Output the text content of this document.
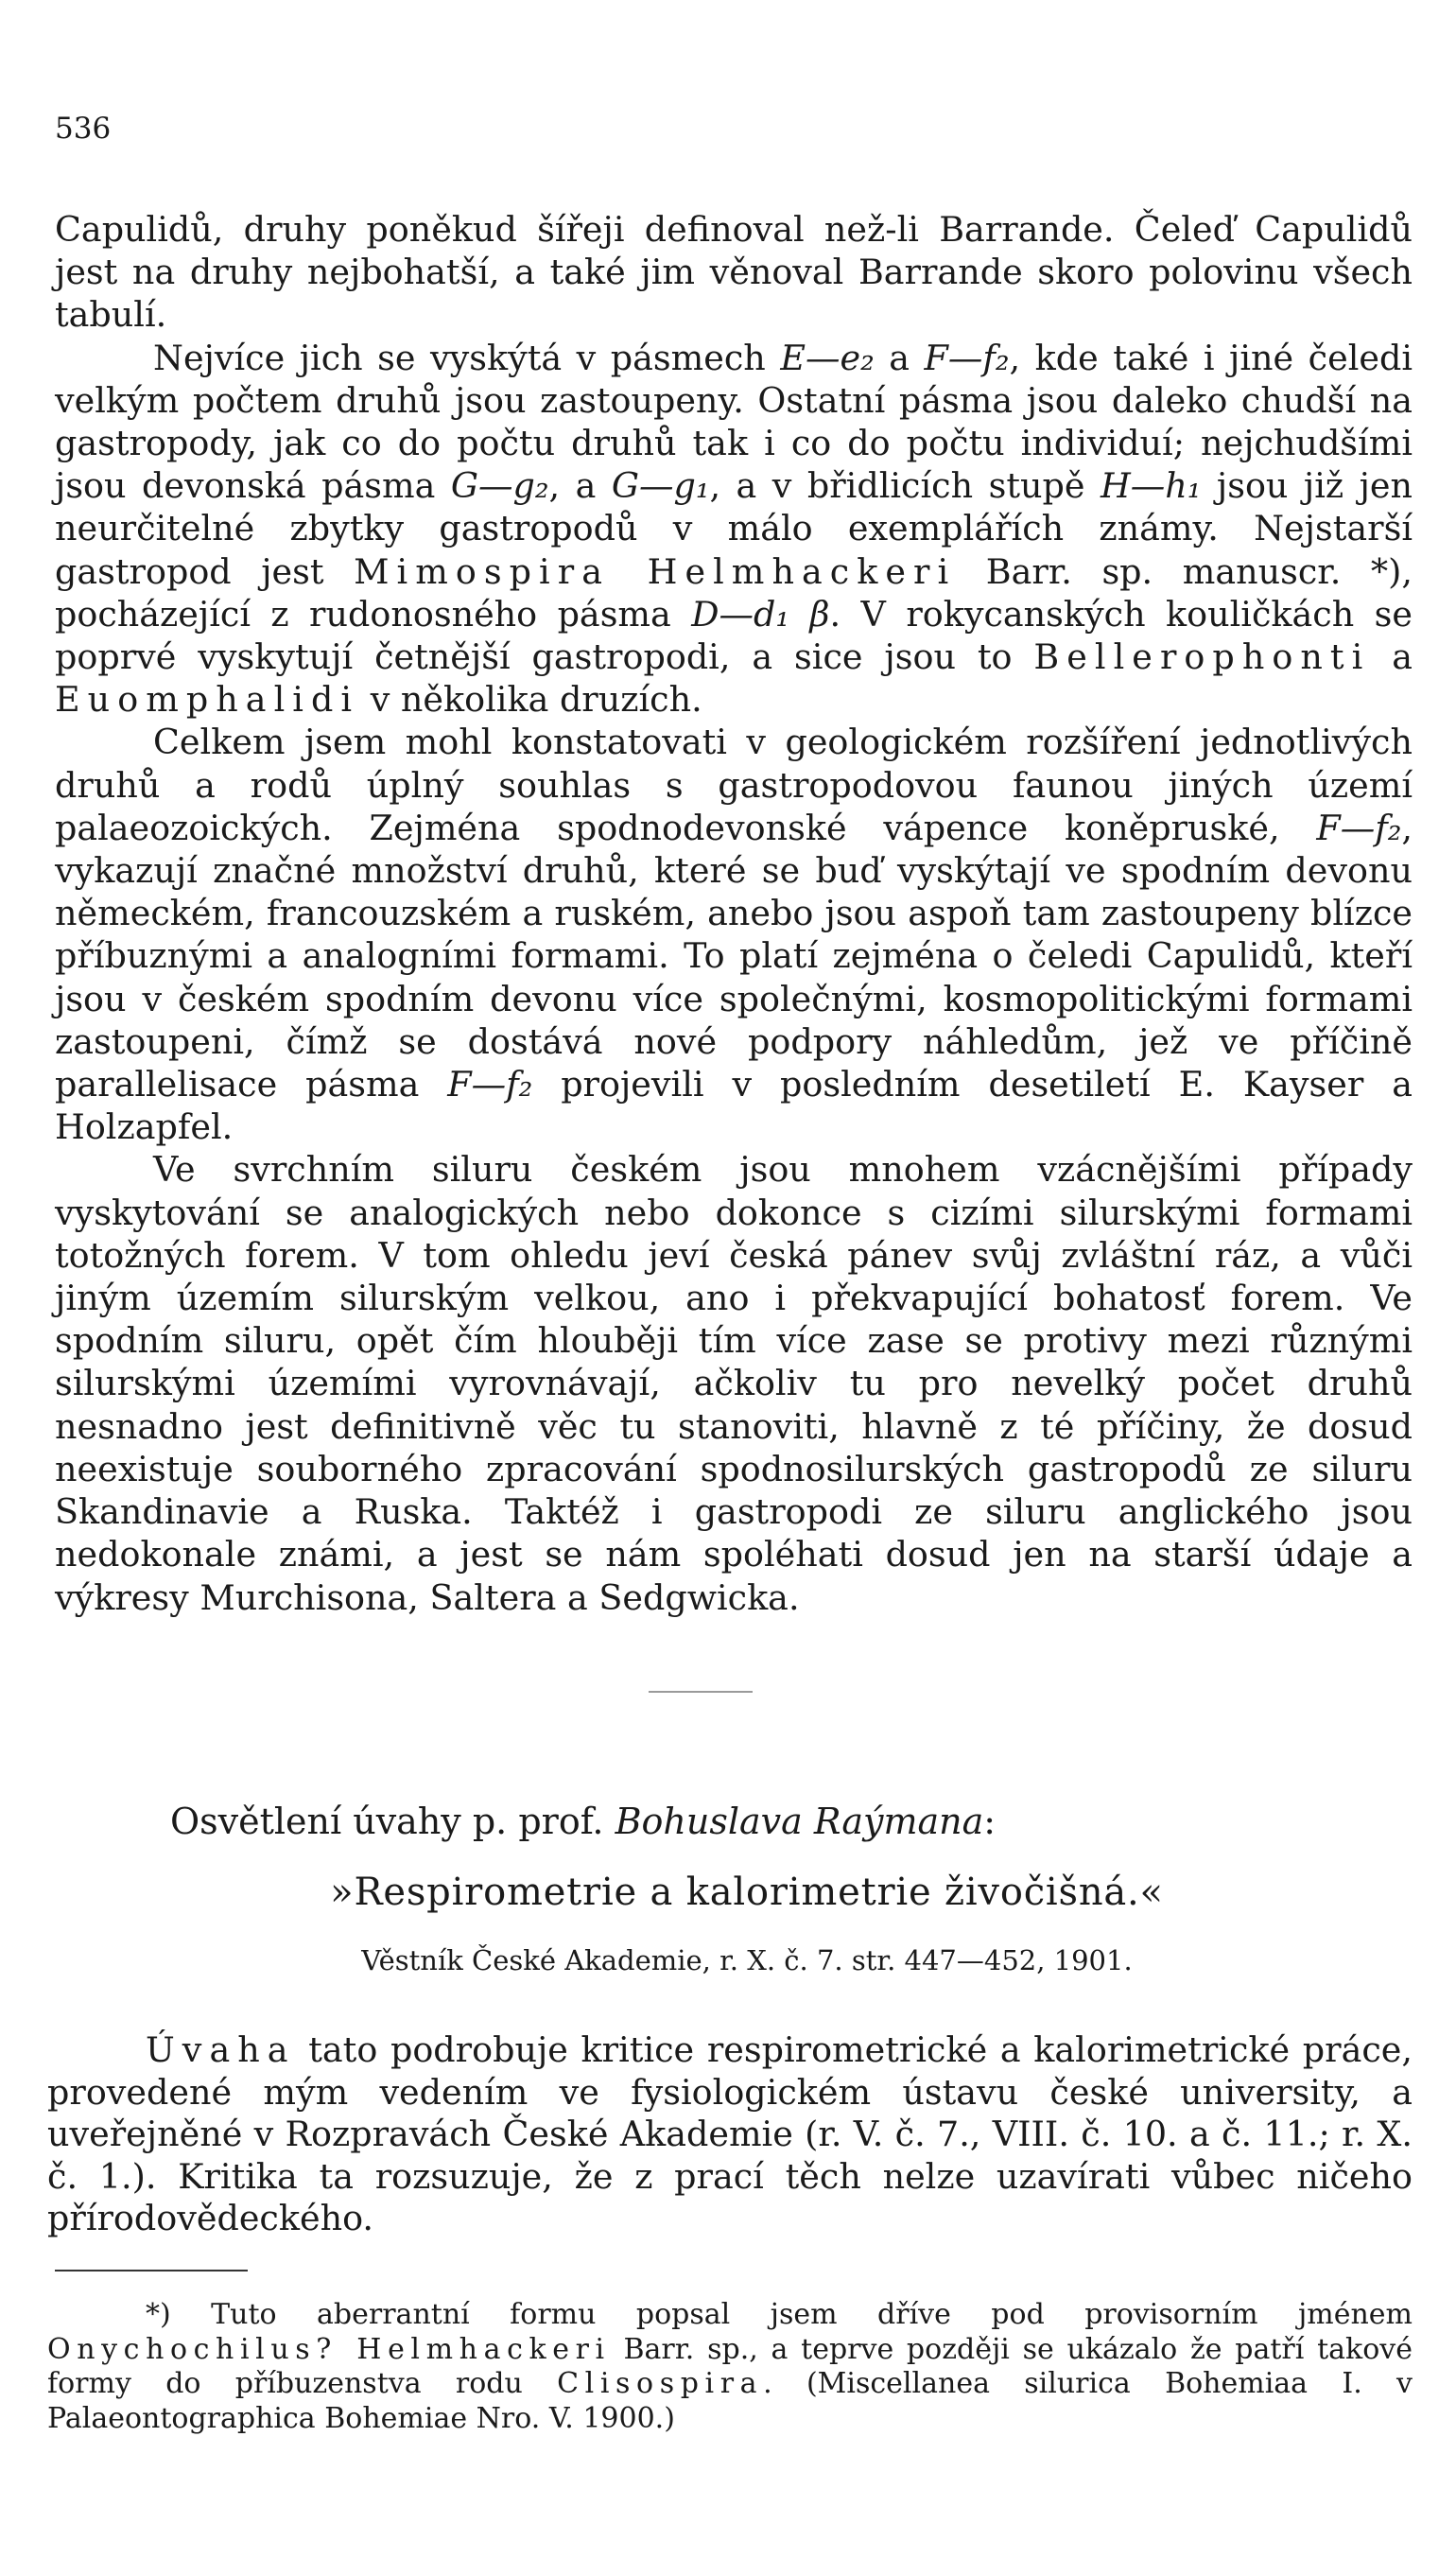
536

Capulidů, druhy poněkud šířeji definoval než-li Barrande. Čeleď Capulidů jest na druhy nejbohatší, a také jim věnoval Barrande skoro polovinu všech tabulí.

Nejvíce jich se vyskýtá v pásmech E—e₂ a F—f₂, kde také i jiné čeledi velkým počtem druhů jsou zastoupeny. Ostatní pásma jsou daleko chudší na gastropody, jak co do počtu druhů tak i co do počtu individuí; nejchudšími jsou devonská pásma G—g₂, a G—g₁, a v břidlicích stupě H—h₁ jsou již jen neurčitelné zbytky gastropodů v málo exemplářích známy. Nejstarší gastropod jest Mimospira Helmhackeri Barr. sp. manuscr. *), pocházející z rudonosného pásma D—d₁ β. V rokycanských kouličkách se poprvé vyskytují četnější gastropodi, a sice jsou to Bellerophonti a Euomphalidi v několika druzích.

Celkem jsem mohl konstatovati v geologickém rozšíření jednotlivých druhů a rodů úplný souhlas s gastropodovou faunou jiných území palaeozoických. Zejména spodnodevonské vápence koněpruské, F—f₂, vykazují značné množství druhů, které se buď vyskýtají ve spodním devonu německém, francouzském a ruském, anebo jsou aspoň tam zastoupeny blízce příbuznými a analogními formami. To platí zejména o čeledi Capulidů, kteří jsou v českém spodním devonu více společnými, kosmopolitickými formami zastoupeni, čímž se dostává nové podpory náhledům, jež ve příčině parallelisace pásma F—f₂ projevili v posledním desetiletí E. Kayser a Holzapfel.

Ve svrchním siluru českém jsou mnohem vzácnějšími případy vyskytování se analogických nebo dokonce s cizími silurskými formami totožných forem. V tom ohledu jeví česká pánev svůj zvláštní ráz, a vůči jiným územím silurským velkou, ano i překvapující bohatosť forem. Ve spodním siluru, opět čím hlouběji tím více zase se protivy mezi různými silurskými územími vyrovnávají, ačkoliv tu pro nevelký počet druhů nesnadno jest definitivně věc tu stanoviti, hlavně z té příčiny, že dosud neexistuje souborného zpracování spodnosilurských gastropodů ze siluru Skandinavie a Ruska. Taktéž i gastropodi ze siluru anglického jsou nedokonale známi, a jest se nám spoléhati dosud jen na starší údaje a výkresy Murchisona, Saltera a Sedgwicka.

Osvětlení úvahy p. prof. Bohuslava Raýmana:
»Respirometrie a kalorimetrie živočišná.«
Věstník České Akademie, r. X. č. 7. str. 447—452, 1901.
Úvaha tato podrobuje kritice respirometrické a kalorimetrické práce, provedené mým vedením ve fysiologickém ústavu české university, a uveřejněné v Rozpravách České Akademie (r. V. č. 7., VIII. č. 10. a č. 11.; r. X. č. 1.). Kritika ta rozsuzuje, že z prací těch nelze uzavírati vůbec ničeho přírodovědeckého.
*) Tuto aberrantní formu popsal jsem dříve pod provisorním jménem Onychochilus? Helmhackeri Barr. sp., a teprve později se ukázalo že patří takové formy do příbuzenstva rodu Clisospira. (Miscellanea silurica Bohemiaa I. v Palaeontographica Bohemiae Nro. V. 1900.)
